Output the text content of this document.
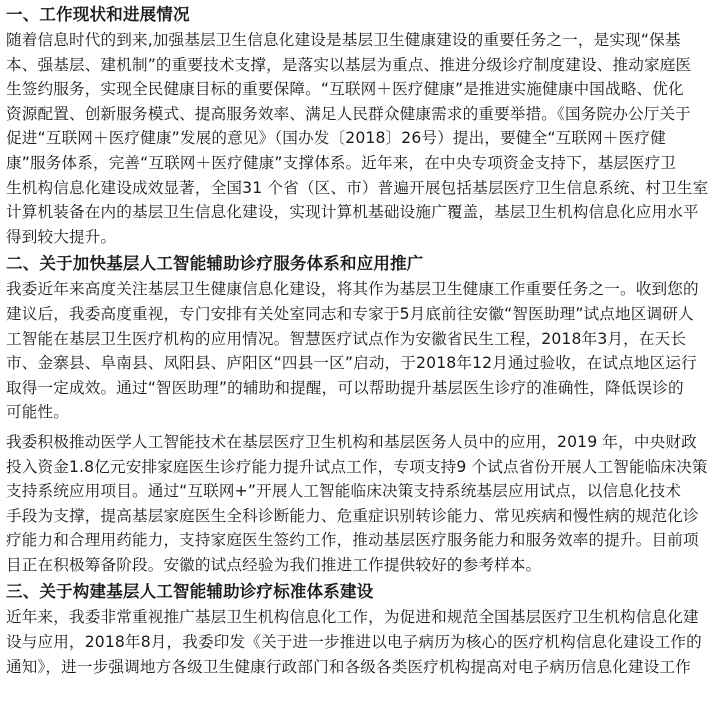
一、工作现状和进展情况
随着信息时代的到来,加强基层卫生信息化建设是基层卫生健康建设的重要任务之一，是实现“保基
本、强基层、建机制”的重要技术支撑，是落实以基层为重点、推进分级诊疗制度建设、推动家庭医
生签约服务，实现全民健康目标的重要保障。“互联网＋医疗健康”是推进实施健康中国战略、优化
资源配置、创新服务模式、提高服务效率、满足人民群众健康需求的重要举措。《国务院办公厅关于
促进“互联网＋医疗健康”发展的意见》（国办发〔2018〕26号）提出，要健全“互联网＋医疗健
康”服务体系，完善“互联网＋医疗健康”支撑体系。近年来，在中央专项资金支持下，基层医疗卫
生机构信息化建设成效显著，全国31 个省（区、市）普遍开展包括基层医疗卫生信息系统、村卫生室
计算机装备在内的基层卫生信息化建设，实现计算机基础设施广覆盖，基层卫生机构信息化应用水平
得到较大提升。
二、关于加快基层人工智能辅助诊疗服务体系和应用推广
我委近年来高度关注基层卫生健康信息化建设，将其作为基层卫生健康工作重要任务之一。收到您的
建议后，我委高度重视，专门安排有关处室同志和专家于5月底前往安徽“智医助理”试点地区调研人
工智能在基层卫生医疗机构的应用情况。智慧医疗试点作为安徽省民生工程，2018年3月，在天长
市、金寨县、阜南县、凤阳县、庐阳区“四县一区”启动，于2018年12月通过验收，在试点地区运行
取得一定成效。通过“智医助理”的辅助和提醒，可以帮助提升基层医生诊疗的准确性，降低误诊的
可能性。
我委积极推动医学人工智能技术在基层医疗卫生机构和基层医务人员中的应用，2019 年，中央财政
投入资金1.8亿元安排家庭医生诊疗能力提升试点工作，专项支持9 个试点省份开展人工智能临床决策
支持系统应用项目。通过“互联网+”开展人工智能临床决策支持系统基层应用试点，以信息化技术
手段为支撑，提高基层家庭医生全科诊断能力、危重症识别转诊能力、常见疾病和慢性病的规范化诊
疗能力和合理用药能力，支持家庭医生签约工作，推动基层医疗服务能力和服务效率的提升。目前项
目正在积极筹备阶段。安徽的试点经验为我们推进工作提供较好的参考样本。
三、关于构建基层人工智能辅助诊疗标准体系建设
近年来，我委非常重视推广基层卫生机构信息化工作，为促进和规范全国基层医疗卫生机构信息化建
设与应用，2018年8月，我委印发《关于进一步推进以电子病历为核心的医疗机构信息化建设工作的
通知》，进一步强调地方各级卫生健康行政部门和各级各类医疗机构提高对电子病历信息化建设工作
